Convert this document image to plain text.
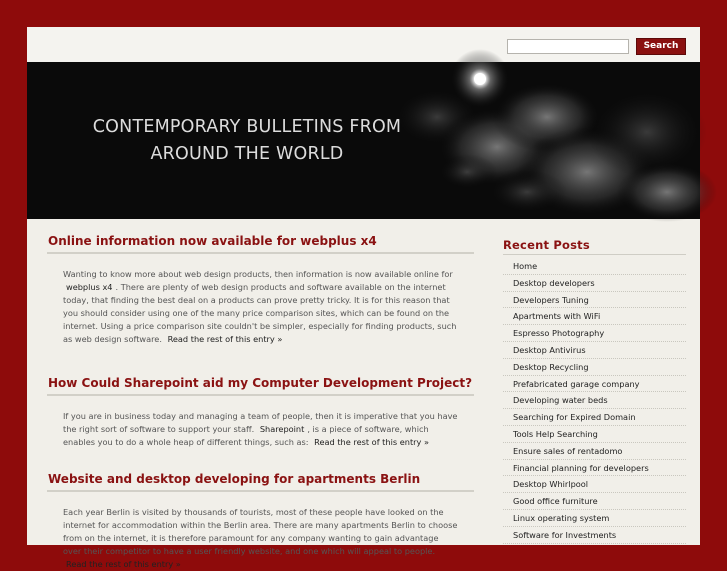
Search
CONTEMPORARY BULLETINS FROM
AROUND THE WORLD
Online information now available for webplus x4

Wanting to know more about web design products, then information is now available online for webplus x4 . There are plenty of web design products and software available on the internet today, that finding the best deal on a products can prove pretty tricky. It is for this reason that you should consider using one of the many price comparison sites, which can be found on the internet. Using a price comparison site couldn't be simpler, especially for finding products, such as web design software. Read the rest of this entry »

How Could Sharepoint aid my Computer Development Project?

If you are in business today and managing a team of people, then it is imperative that you have the right sort of software to support your staff. Sharepoint , is a piece of software, which enables you to do a whole heap of different things, such as: Read the rest of this entry »

Website and desktop developing for apartments Berlin

Each year Berlin is visited by thousands of tourists, most of these people have looked on the internet for accommodation within the Berlin area. There are many apartments Berlin to choose from on the internet, it is therefore paramount for any company wanting to gain advantage over their competitor to have a user friendly website, and one which will appeal to people. Read the rest of this entry »

Recent Posts
Home
Desktop developers
Developers Tuning
Apartments with WiFi
Espresso Photography
Desktop Antivirus
Desktop Recycling
Prefabricated garage company
Developing water beds
Searching for Expired Domain
Tools Help Searching
Ensure sales of rentadomo
Financial planning for developers
Desktop Whirlpool
Good office furniture
Linux operating system
Software for Investments
